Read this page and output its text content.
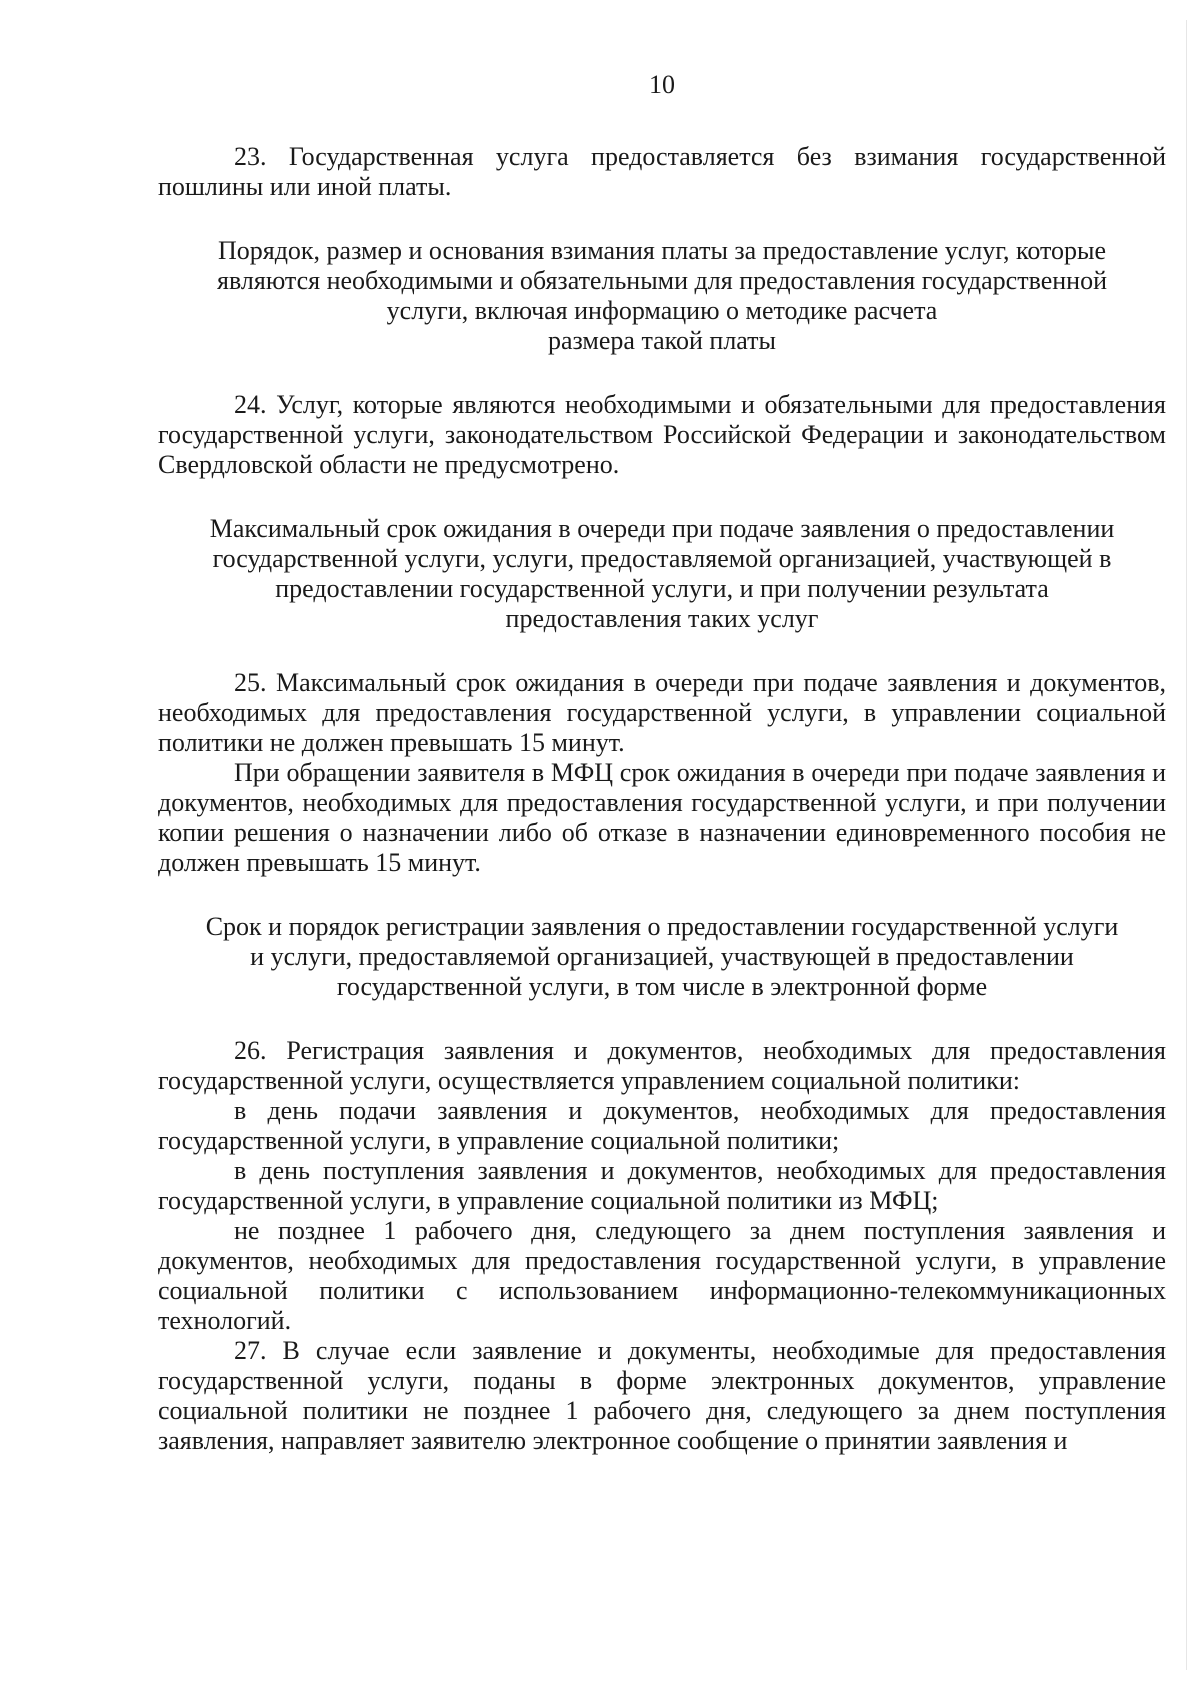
10

23. Государственная услуга предоставляется без взимания государственной пошлины или иной платы.

Порядок, размер и основания взимания платы за предоставление услуг, которые
являются необходимыми и обязательными для предоставления государственной
услуги, включая информацию о методике расчета
размера такой платы

24. Услуг, которые являются необходимыми и обязательными для предоставления государственной услуги, законодательством Российской Федерации и законодательством Свердловской области не предусмотрено.

Максимальный срок ожидания в очереди при подаче заявления о предоставлении
государственной услуги, услуги, предоставляемой организацией, участвующей в
предоставлении государственной услуги, и при получении результата
предоставления таких услуг

25. Максимальный срок ожидания в очереди при подаче заявления и документов, необходимых для предоставления государственной услуги, в управлении социальной политики не должен превышать 15 минут.

При обращении заявителя в МФЦ срок ожидания в очереди при подаче заявления и документов, необходимых для предоставления государственной услуги, и при получении копии решения о назначении либо об отказе в назначении единовременного пособия не должен превышать 15 минут.

Срок и порядок регистрации заявления о предоставлении государственной услуги
и услуги, предоставляемой организацией, участвующей в предоставлении
государственной услуги, в том числе в электронной форме

26. Регистрация заявления и документов, необходимых для предоставления государственной услуги, осуществляется управлением социальной политики:

в день подачи заявления и документов, необходимых для предоставления государственной услуги, в управление социальной политики;

в день поступления заявления и документов, необходимых для предоставления государственной услуги, в управление социальной политики из МФЦ;

не позднее 1 рабочего дня, следующего за днем поступления заявления и документов, необходимых для предоставления государственной услуги, в управление социальной политики с использованием информационно-телекоммуникационных технологий.

27. В случае если заявление и документы, необходимые для предоставления государственной услуги, поданы в форме электронных документов, управление социальной политики не позднее 1 рабочего дня, следующего за днем поступления заявления, направляет заявителю электронное сообщение о принятии заявления и
